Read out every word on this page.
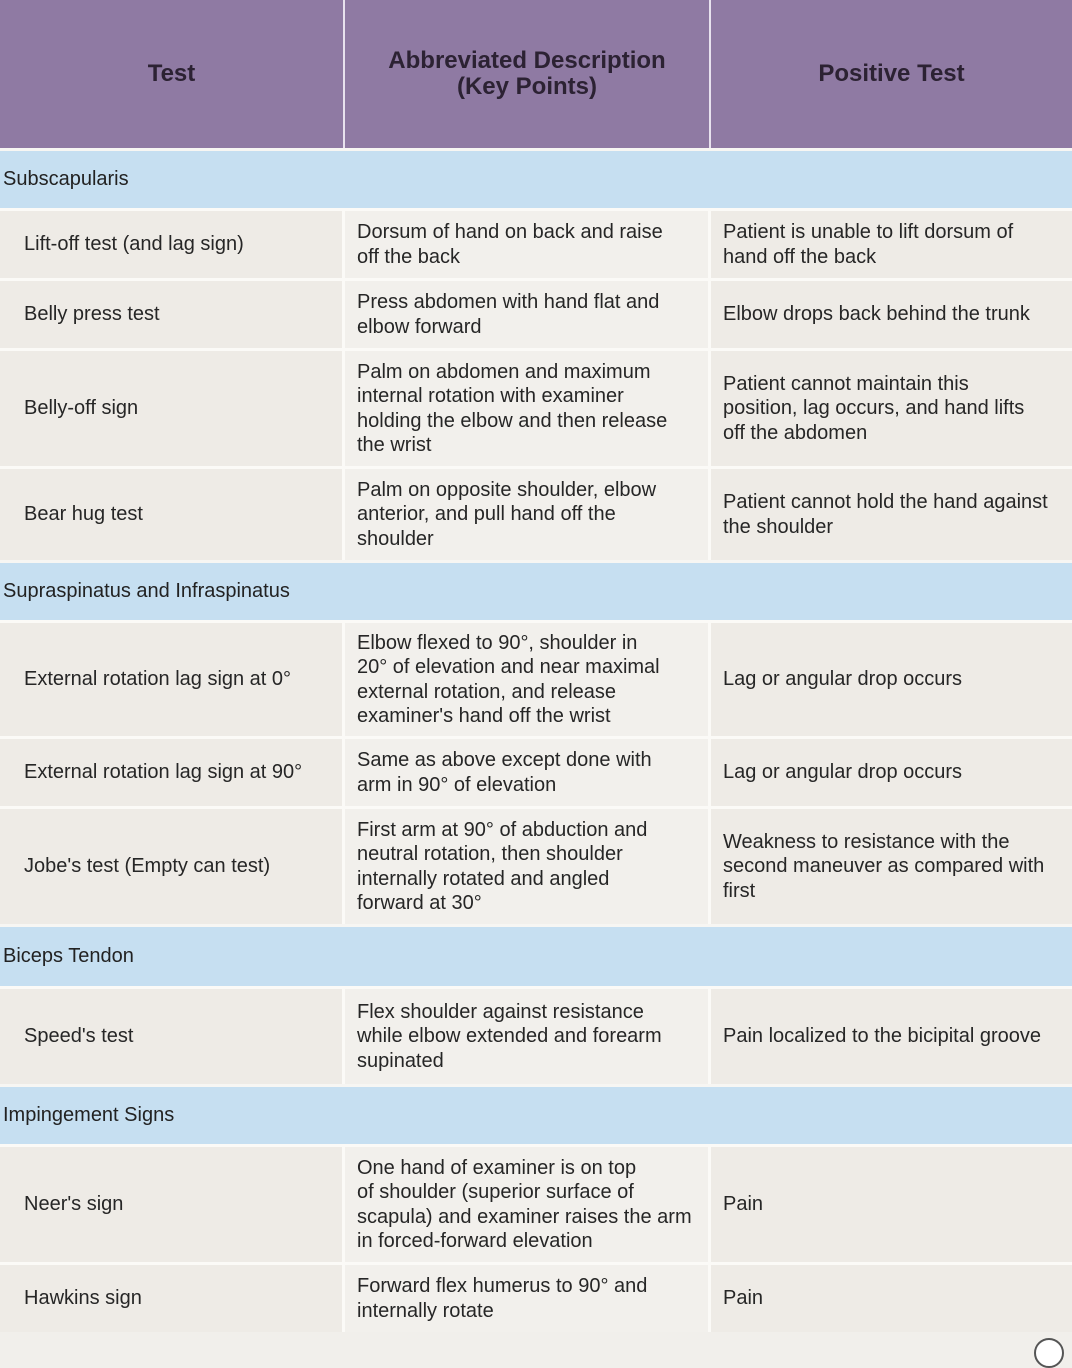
Test	Abbreviated Description
(Key Points)	Positive Test
Subscapularis
Lift-off test (and lag sign)
Dorsum of hand on back and raise
off the back
Patient is unable to lift dorsum of
hand off the back
Belly press test
Press abdomen with hand flat and
elbow forward
Elbow drops back behind the trunk
Belly-off sign
Palm on abdomen and maximum
internal rotation with examiner
holding the elbow and then release
the wrist
Patient cannot maintain this
position, lag occurs, and hand lifts
off the abdomen
Bear hug test
Palm on opposite shoulder, elbow
anterior, and pull hand off the
shoulder
Patient cannot hold the hand against
the shoulder
Supraspinatus and Infraspinatus
External rotation lag sign at 0°
Elbow flexed to 90°, shoulder in
20° of elevation and near maximal
external rotation, and release
examiner's hand off the wrist
Lag or angular drop occurs
External rotation lag sign at 90°
Same as above except done with
arm in 90° of elevation
Lag or angular drop occurs
Jobe's test (Empty can test)
First arm at 90° of abduction and
neutral rotation, then shoulder
internally rotated and angled
forward at 30°
Weakness to resistance with the
second maneuver as compared with
first
Biceps Tendon
Speed's test
Flex shoulder against resistance
while elbow extended and forearm
supinated
Pain localized to the bicipital groove
Impingement Signs
Neer's sign
One hand of examiner is on top
of shoulder (superior surface of
scapula) and examiner raises the arm
in forced-forward elevation
Pain
Hawkins sign
Forward flex humerus to 90° and
internally rotate
Pain
